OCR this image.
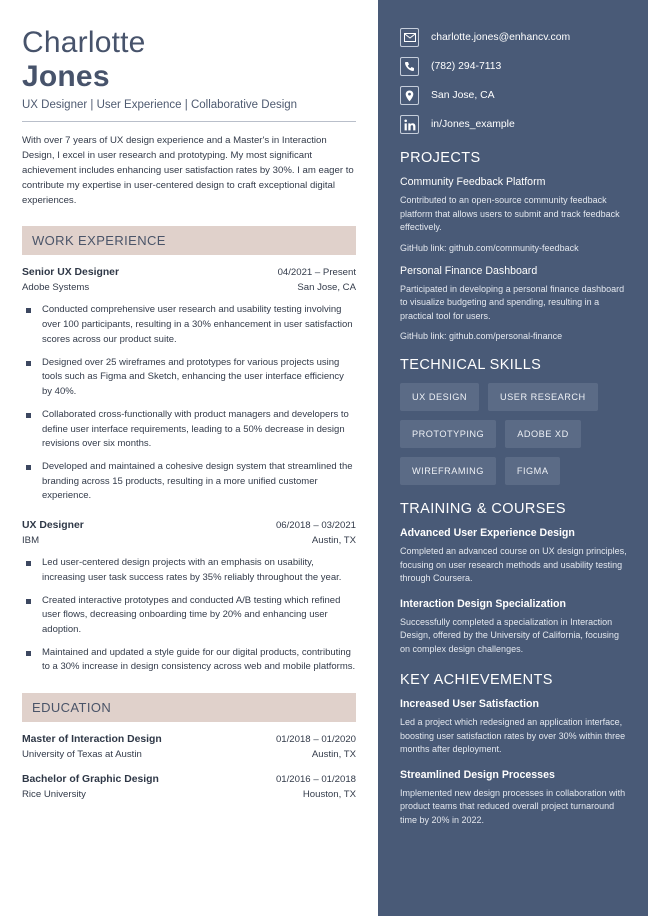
Charlotte
Jones
UX Designer | User Experience | Collaborative Design
With over 7 years of UX design experience and a Master's in Interaction Design, I excel in user research and prototyping. My most significant achievement includes enhancing user satisfaction rates by 30%. I am eager to contribute my expertise in user-centered design to craft exceptional digital experiences.
WORK EXPERIENCE
Senior UX Designer	04/2021 – Present
Adobe Systems	San Jose, CA
Conducted comprehensive user research and usability testing involving over 100 participants, resulting in a 30% enhancement in user satisfaction scores across our product suite.
Designed over 25 wireframes and prototypes for various projects using tools such as Figma and Sketch, enhancing the user interface efficiency by 40%.
Collaborated cross-functionally with product managers and developers to define user interface requirements, leading to a 50% decrease in design revisions over six months.
Developed and maintained a cohesive design system that streamlined the branding across 15 products, resulting in a more unified customer experience.
UX Designer	06/2018 – 03/2021
IBM	Austin, TX
Led user-centered design projects with an emphasis on usability, increasing user task success rates by 35% reliably throughout the year.
Created interactive prototypes and conducted A/B testing which refined user flows, decreasing onboarding time by 20% and enhancing user adoption.
Maintained and updated a style guide for our digital products, contributing to a 30% increase in design consistency across web and mobile platforms.
EDUCATION
Master of Interaction Design	01/2018 – 01/2020
University of Texas at Austin	Austin, TX
Bachelor of Graphic Design	01/2016 – 01/2018
Rice University	Houston, TX
charlotte.jones@enhancv.com
(782) 294-7113
San Jose, CA
in/Jones_example
PROJECTS
Community Feedback Platform
Contributed to an open-source community feedback platform that allows users to submit and track feedback effectively.
GitHub link: github.com/community-feedback
Personal Finance Dashboard
Participated in developing a personal finance dashboard to visualize budgeting and spending, resulting in a practical tool for users.
GitHub link: github.com/personal-finance
TECHNICAL SKILLS
UX DESIGN	USER RESEARCH
PROTOTYPING	ADOBE XD
WIREFRAMING	FIGMA
TRAINING & COURSES
Advanced User Experience Design
Completed an advanced course on UX design principles, focusing on user research methods and usability testing through Coursera.
Interaction Design Specialization
Successfully completed a specialization in Interaction Design, offered by the University of California, focusing on complex design challenges.
KEY ACHIEVEMENTS
Increased User Satisfaction
Led a project which redesigned an application interface, boosting user satisfaction rates by over 30% within three months after deployment.
Streamlined Design Processes
Implemented new design processes in collaboration with product teams that reduced overall project turnaround time by 20% in 2022.
